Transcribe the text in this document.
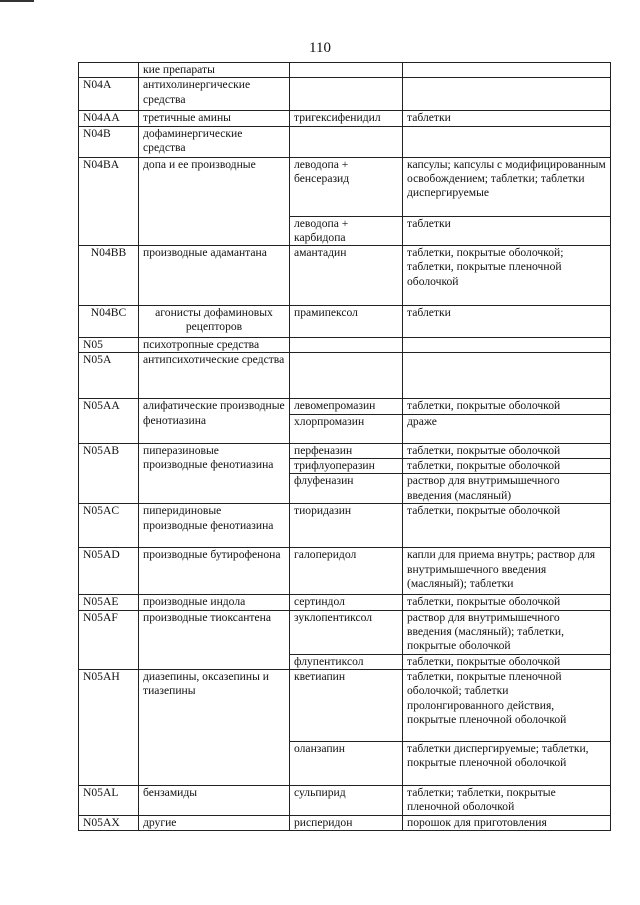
110
	кие препараты		
N04A	антихолинергические средства		
N04AA	третичные амины	тригексифенидил	таблетки
N04B	дофаминергические средства		
N04BA	допа и ее производные	леводопа + бенсеразид	капсулы; капсулы с модифицированным освобождением; таблетки; таблетки диспергируемые
		леводопа + карбидопа	таблетки
N04BB	производные адамантана	амантадин	таблетки, покрытые оболочкой; таблетки, покрытые пленочной оболочкой
N04BC	агонисты дофаминовых рецепторов	прамипексол	таблетки
N05	психотропные средства		
N05A	антипсихотические средства		
N05AA	алифатические производные фенотиазина	левомепромазин	таблетки, покрытые оболочкой
		хлорпромазин	драже
N05AB	пиперазиновые производные фенотиазина	перфеназин	таблетки, покрытые оболочкой
		трифлуоперазин	таблетки, покрытые оболочкой
		флуфеназин	раствор для внутримышечного введения (масляный)
N05AC	пиперидиновые производные фенотиазина	тиоридазин	таблетки, покрытые оболочкой
N05AD	производные бутирофенона	галоперидол	капли для приема внутрь; раствор для внутримышечного введения (масляный); таблетки
N05AE	производные индола	сертиндол	таблетки, покрытые оболочкой
N05AF	производные тиоксантена	зуклопентиксол	раствор для внутримышечного введения (масляный); таблетки, покрытые оболочкой
		флупентиксол	таблетки, покрытые оболочкой
N05AH	диазепины, оксазепины и тиазепины	кветиапин	таблетки, покрытые пленочной оболочкой; таблетки пролонгированного действия, покрытые пленочной оболочкой
		оланзапин	таблетки диспергируемые; таблетки, покрытые пленочной оболочкой
N05AL	бензамиды	сульпирид	таблетки; таблетки, покрытые пленочной оболочкой
N05AX	другие	рисперидон	порошок для приготовления
